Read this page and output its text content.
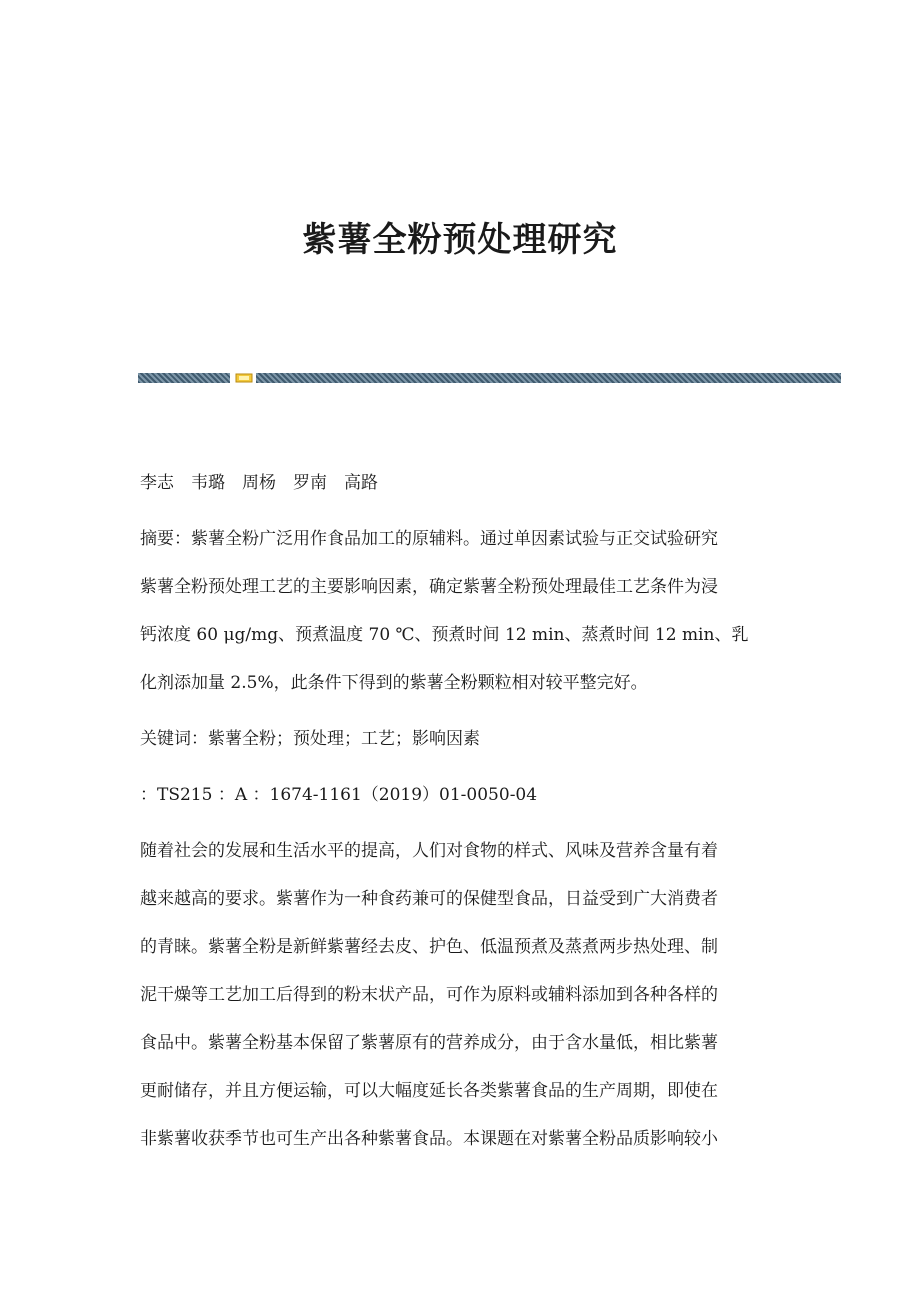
紫薯全粉预处理研究
李志　韦璐　周杨　罗南　高路
摘要：紫薯全粉广泛用作食品加工的原辅料。通过单因素试验与正交试验研究
紫薯全粉预处理工艺的主要影响因素，确定紫薯全粉预处理最佳工艺条件为浸
钙浓度 60 μg/mg、预煮温度 70 ℃、预煮时间 12 min、蒸煮时间 12 min、乳
化剂添加量 2.5%，此条件下得到的紫薯全粉颗粒相对较平整完好。
关键词：紫薯全粉；预处理；工艺；影响因素
：TS215 ：A ：1674-1161（2019）01-0050-04
随着社会的发展和生活水平的提高，人们对食物的样式、风味及营养含量有着
越来越高的要求。紫薯作为一种食药兼可的保健型食品，日益受到广大消费者
的青睐。紫薯全粉是新鲜紫薯经去皮、护色、低温预煮及蒸煮两步热处理、制
泥干燥等工艺加工后得到的粉末状产品，可作为原料或辅料添加到各种各样的
食品中。紫薯全粉基本保留了紫薯原有的营养成分，由于含水量低，相比紫薯
更耐储存，并且方便运输，可以大幅度延长各类紫薯食品的生产周期，即使在
非紫薯收获季节也可生产出各种紫薯食品。本课题在对紫薯全粉品质影响较小
